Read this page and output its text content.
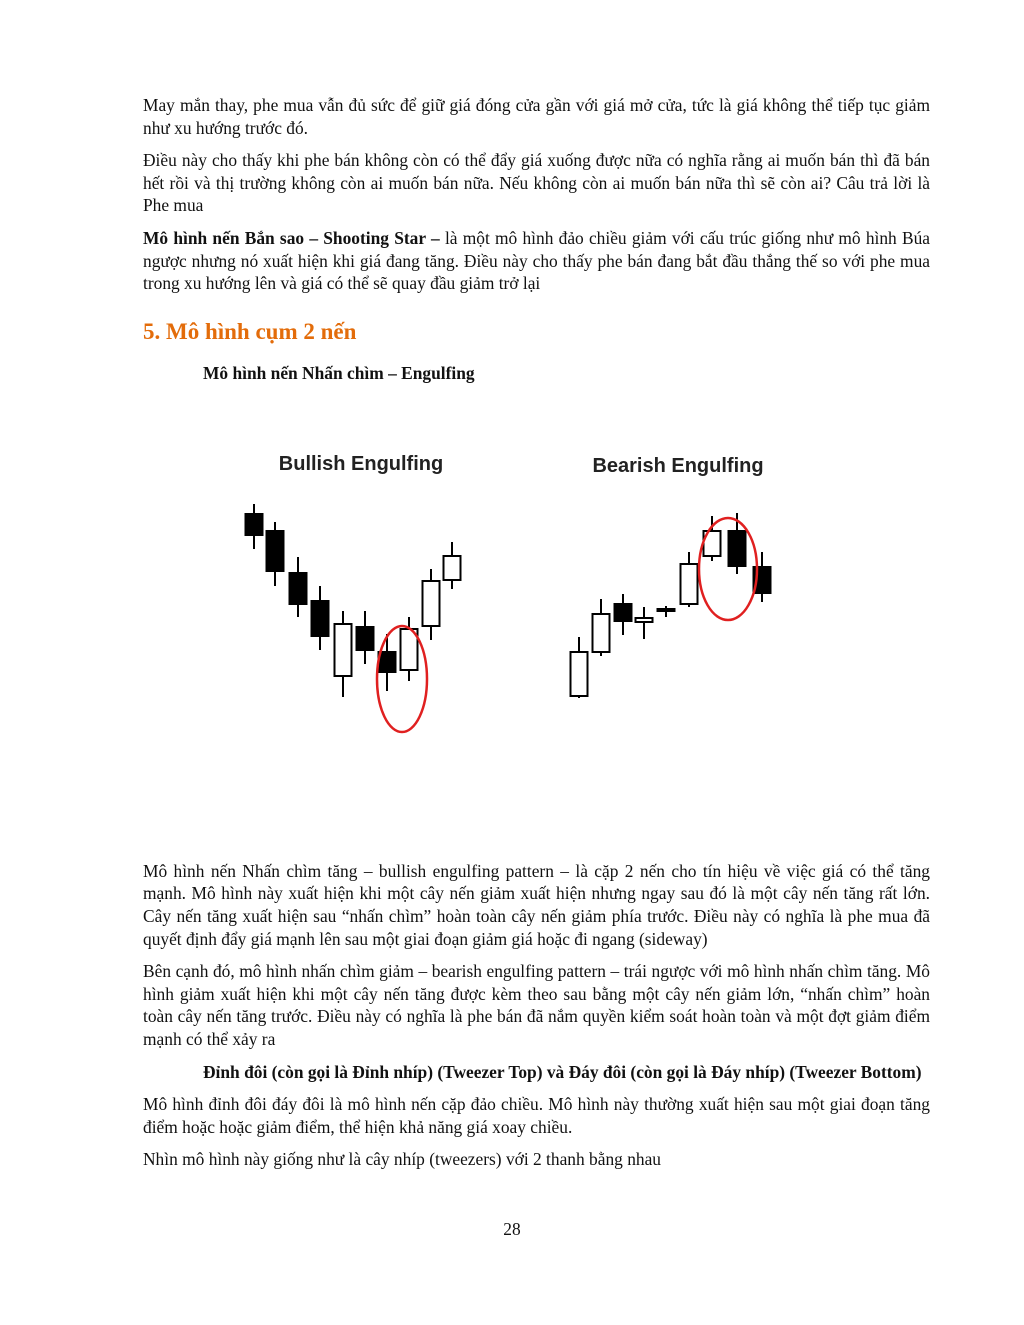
May mắn thay, phe mua vẫn đủ sức để giữ giá đóng cửa gần với giá mở cửa, tức là giá không thể tiếp tục giảm như xu hướng trước đó.

Điều này cho thấy khi phe bán không còn có thể đẩy giá xuống được nữa có nghĩa rằng ai muốn bán thì đã bán hết rồi và thị trường không còn ai muốn bán nữa. Nếu không còn ai muốn bán nữa thì sẽ còn ai? Câu trả lời là Phe mua

Mô hình nến Bắn sao – Shooting Star – là một mô hình đảo chiều giảm với cấu trúc giống như mô hình Búa ngược nhưng nó xuất hiện khi giá đang tăng. Điều này cho thấy phe bán đang bắt đầu thắng thế so với phe mua trong xu hướng lên và giá có thể sẽ quay đầu giảm trở lại

5. Mô hình cụm 2 nến
Mô hình nến Nhấn chìm – Engulfing
Bullish Engulfing	Bearish Engulfing

Mô hình nến Nhấn chìm tăng – bullish engulfing pattern – là cặp 2 nến cho tín hiệu về việc giá có thể tăng mạnh. Mô hình này xuất hiện khi một cây nến giảm xuất hiện nhưng ngay sau đó là một cây nến tăng rất lớn. Cây nến tăng xuất hiện sau “nhấn chìm” hoàn toàn cây nến giảm phía trước. Điều này có nghĩa là phe mua đã quyết định đẩy giá mạnh lên sau một giai đoạn giảm giá hoặc đi ngang (sideway)

Bên cạnh đó, mô hình nhấn chìm giảm – bearish engulfing pattern – trái ngược với mô hình nhấn chìm tăng. Mô hình giảm xuất hiện khi một cây nến tăng được kèm theo sau bằng một cây nến giảm lớn, “nhấn chìm” hoàn toàn cây nến tăng trước. Điều này có nghĩa là phe bán đã nắm quyền kiểm soát hoàn toàn và một đợt giảm điểm mạnh có thể xảy ra

Đỉnh đôi (còn gọi là Đỉnh nhíp) (Tweezer Top) và Đáy đôi (còn gọi là Đáy nhíp) (Tweezer Bottom)

Mô hình đỉnh đôi đáy đôi là mô hình nến cặp đảo chiều. Mô hình này thường xuất hiện sau một giai đoạn tăng điểm hoặc hoặc giảm điểm, thể hiện khả năng giá xoay chiều.

Nhìn mô hình này giống như là cây nhíp (tweezers) với 2 thanh bằng nhau

28
